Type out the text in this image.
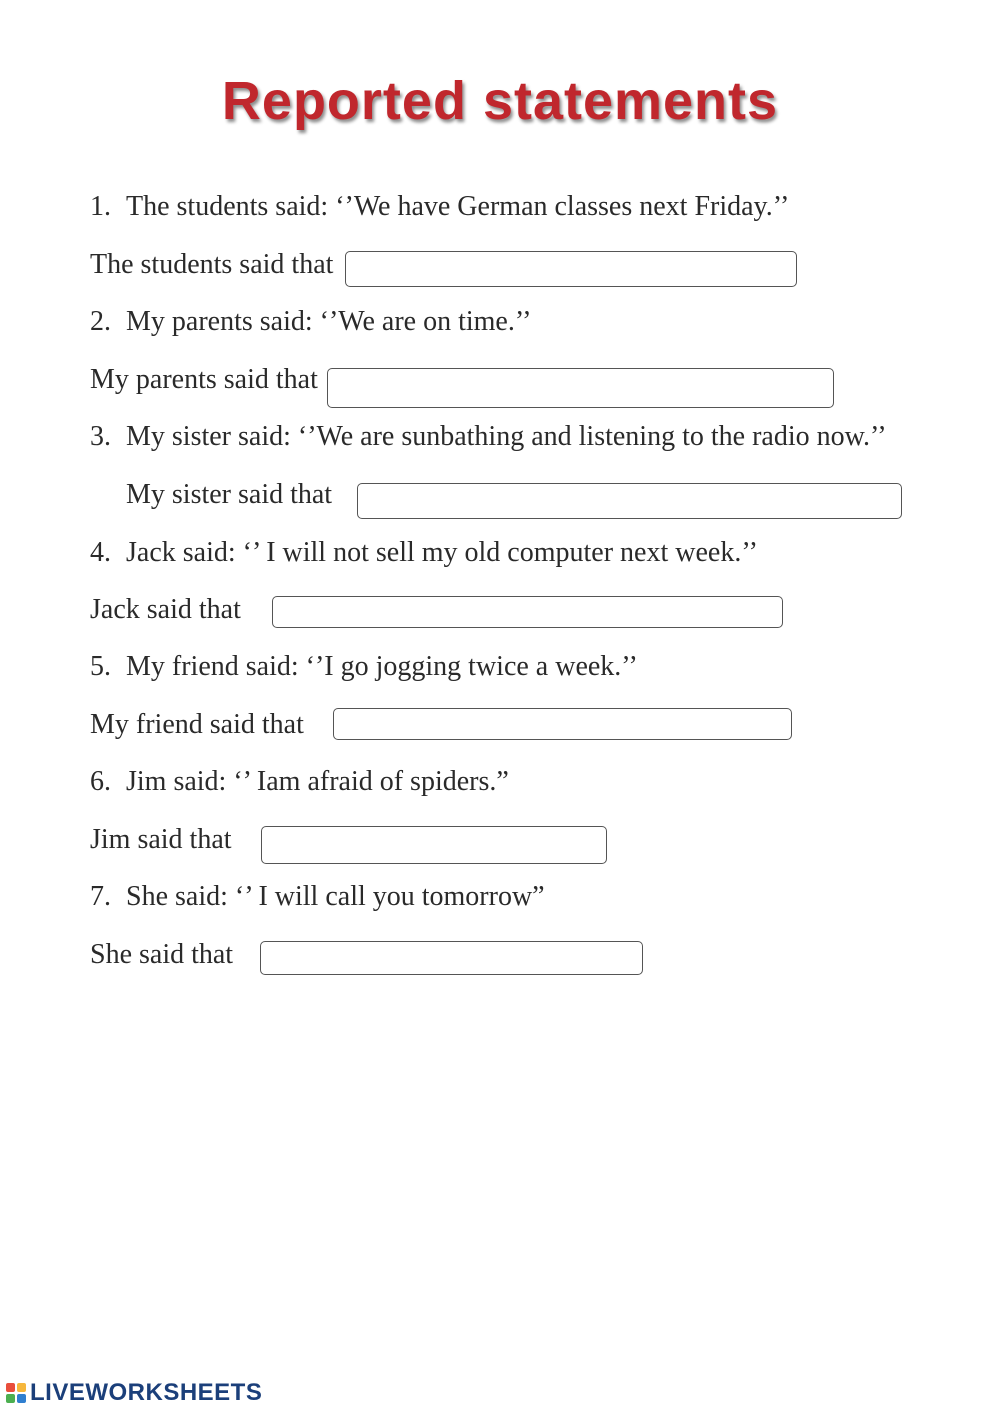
Reported statements
1. The students said: ‘’We have German classes next Friday.’’
The students said that
2. My parents said: ‘’We are on time.’’
My parents said that
3. My sister said: ‘’We are sunbathing and listening to the radio now.’’
My sister said that
4. Jack said: ‘’ I will not sell my old computer next week.’’
Jack said that
5. My friend said: ‘’I go jogging twice a week.’’
My friend said that
6. Jim said: ‘’ Iam afraid of spiders.”
Jim said that
7. She said: ‘’ I will call you tomorrow”
She said that
LIVEWORKSHEETS
